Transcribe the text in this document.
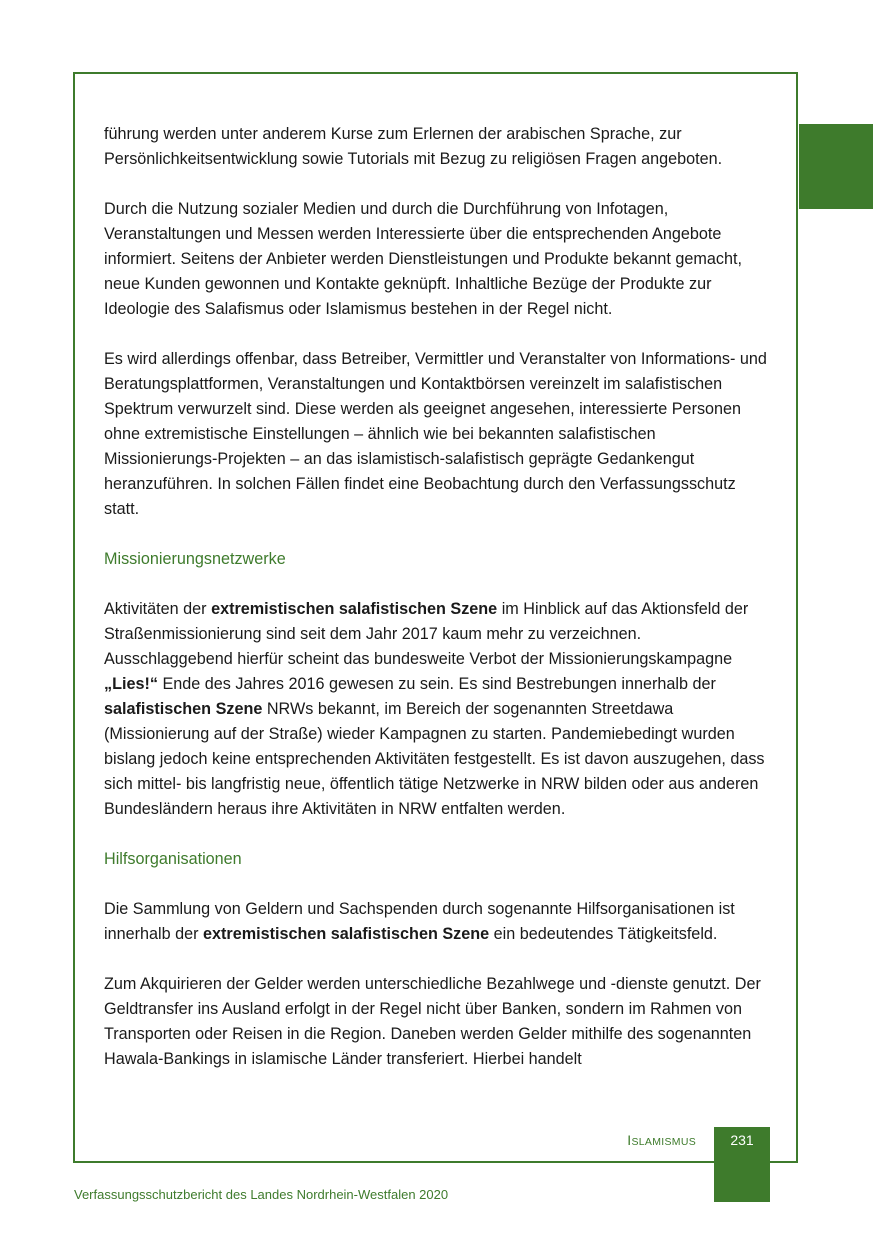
führung werden unter anderem Kurse zum Erlernen der arabischen Sprache, zur Persönlichkeitsentwicklung sowie Tutorials mit Bezug zu religiösen Fragen angeboten.

Durch die Nutzung sozialer Medien und durch die Durchführung von Infotagen, Veranstaltungen und Messen werden Interessierte über die entsprechenden Angebote informiert. Seitens der Anbieter werden Dienstleistungen und Produkte bekannt gemacht, neue Kunden gewonnen und Kontakte geknüpft. Inhaltliche Bezüge der Produkte zur Ideologie des Salafismus oder Islamismus bestehen in der Regel nicht.

Es wird allerdings offenbar, dass Betreiber, Vermittler und Veranstalter von Informations- und Beratungsplattformen, Veranstaltungen und Kontaktbörsen vereinzelt im salafistischen Spektrum verwurzelt sind. Diese werden als geeignet angesehen, interessierte Personen ohne extremistische Einstellungen – ähnlich wie bei bekannten salafistischen Missionierungs-Projekten – an das islamistisch-salafistisch geprägte Gedankengut heranzuführen. In solchen Fällen findet eine Beobachtung durch den Verfassungsschutz statt.

Missionierungsnetzwerke

Aktivitäten der extremistischen salafistischen Szene im Hinblick auf das Aktionsfeld der Straßenmissionierung sind seit dem Jahr 2017 kaum mehr zu verzeichnen. Ausschlaggebend hierfür scheint das bundesweite Verbot der Missionierungskampagne „Lies!“ Ende des Jahres 2016 gewesen zu sein. Es sind Bestrebungen innerhalb der salafistischen Szene NRWs bekannt, im Bereich der sogenannten Streetdawa (Missionierung auf der Straße) wieder Kampagnen zu starten. Pandemiebedingt wurden bislang jedoch keine entsprechenden Aktivitäten festgestellt. Es ist davon auszugehen, dass sich mittel- bis langfristig neue, öffentlich tätige Netzwerke in NRW bilden oder aus anderen Bundesländern heraus ihre Aktivitäten in NRW entfalten werden.

Hilfsorganisationen

Die Sammlung von Geldern und Sachspenden durch sogenannte Hilfsorganisationen ist innerhalb der extremistischen salafistischen Szene ein bedeutendes Tätigkeitsfeld.

Zum Akquirieren der Gelder werden unterschiedliche Bezahlwege und -dienste genutzt. Der Geldtransfer ins Ausland erfolgt in der Regel nicht über Banken, sondern im Rahmen von Transporten oder Reisen in die Region. Daneben werden Gelder mithilfe des sogenannten Hawala-Bankings in islamische Länder transferiert. Hierbei handelt

ISLAMISMUS	231
Verfassungsschutzbericht des Landes Nordrhein-Westfalen 2020
